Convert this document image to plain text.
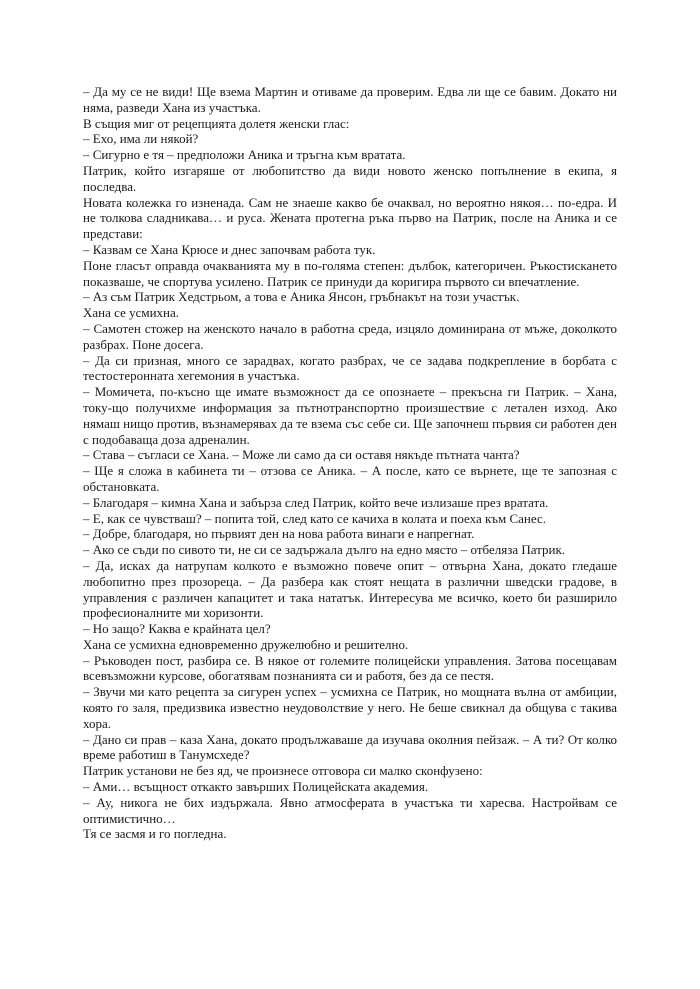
– Да му се не види! Ще взема Мартин и отиваме да проверим. Едва ли ще се бавим. Докато ни няма, разведи Хана из участъка.

В същия миг от рецепцията долетя женски глас:

– Ехо, има ли някой?

– Сигурно е тя – предположи Аника и тръгна към вратата.

Патрик, който изгаряше от любопитство да види новото женско попълнение в екипа, я последва.

Новата колежка го изненада. Сам не знаеше какво бе очаквал, но вероятно някоя… по-едра. И не толкова сладникава… и руса. Жената протегна ръка първо на Патрик, после на Аника и се представи:

– Казвам се Хана Крюсе и днес започвам работа тук.

Поне гласът оправда очакванията му в по-голяма степен: дълбок, категоричен. Ръкостискането показваше, че спортува усилено. Патрик се принуди да коригира първото си впечатление.

– Аз съм Патрик Хедстрьом, а това е Аника Янсон, гръбнакът на този участък.

Хана се усмихна.

– Самотен стожер на женското начало в работна среда, изцяло доминирана от мъже, доколкото разбрах. Поне досега.

– Да си призная, много се зарадвах, когато разбрах, че се задава подкрепление в борбата с тестостеронната хегемония в участъка.

– Момичета, по-късно ще имате възможност да се опознаете – прекъсна ги Патрик. – Хана, току-що получихме информация за пътнотранспортно произшествие с летален изход. Ако нямаш нищо против, възнамерявах да те взема със себе си. Ще започнеш първия си работен ден с подобаваща доза адреналин.

– Става – съгласи се Хана. – Може ли само да си оставя някъде пътната чанта?

– Ще я сложа в кабинета ти – отзова се Аника. – А после, като се върнете, ще те запозная с обстановката.

– Благодаря – кимна Хана и забърза след Патрик, който вече излизаше през вратата.

– Е, как се чувстваш? – попита той, след като се качиха в колата и поеха към Санес.

– Добре, благодаря, но първият ден на нова работа винаги е напрегнат.

– Ако се съди по сивото ти, не си се задържала дълго на едно място – отбеляза Патрик.

– Да, исках да натрупам колкото е възможно повече опит – отвърна Хана, докато гледаше любопитно през прозореца. – Да разбера как стоят нещата в различни шведски градове, в управления с различен капацитет и така нататък. Интересува ме всичко, което би разширило професионалните ми хоризонти.

– Но защо? Каква е крайната цел?

Хана се усмихна едновременно дружелюбно и решително.

– Ръководен пост, разбира се. В някое от големите полицейски управления. Затова посещавам всевъзможни курсове, обогатявам познанията си и работя, без да се пестя.

– Звучи ми като рецепта за сигурен успех – усмихна се Патрик, но мощната вълна от амбиции, която го заля, предизвика известно неудоволствие у него. Не беше свикнал да общува с такива хора.

– Дано си прав – каза Хана, докато продължаваше да изучава околния пейзаж. – А ти? От колко време работиш в Танумсхеде?

Патрик установи не без яд, че произнесе отговора си малко сконфузено:

– Ами… всъщност откакто завърших Полицейската академия.

– Ау, никога не бих издържала. Явно атмосферата в участъка ти харесва. Настройвам се оптимистично…

Тя се засмя и го погледна.
